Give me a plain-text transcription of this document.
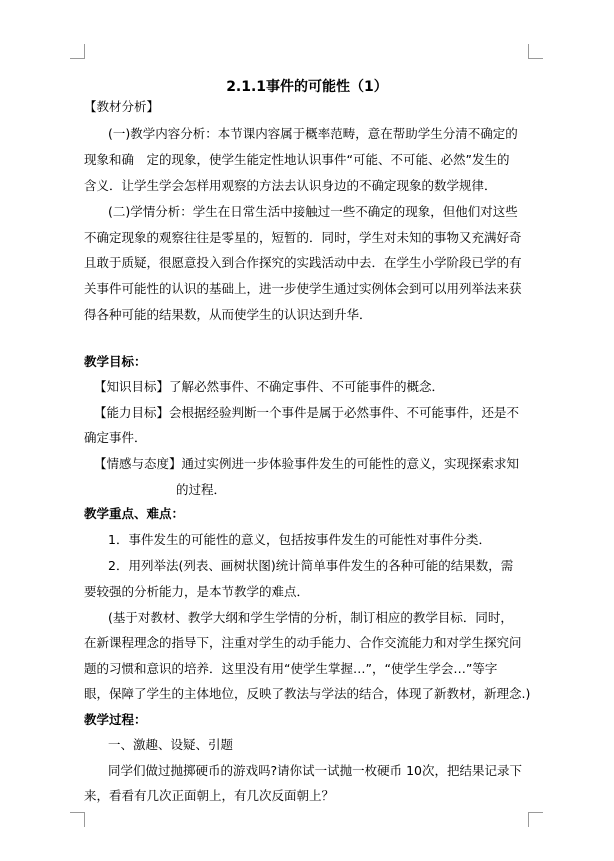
2.1.1事件的可能性（1）
【教材分析】
(一)教学内容分析：本节课内容属于概率范畴，意在帮助学生分清不确定的
现象和确　定的现象，使学生能定性地认识事件“可能、不可能、必然”发生的
含义．让学生学会怎样用观察的方法去认识身边的不确定现象的数学规律．
(二)学情分析：学生在日常生活中接触过一些不确定的现象，但他们对这些
不确定现象的观察往往是零星的，短暂的．同时，学生对未知的事物又充满好奇
且敢于质疑，很愿意投入到合作探究的实践活动中去．在学生小学阶段已学的有
关事件可能性的认识的基础上，进一步使学生通过实例体会到可以用列举法来获
得各种可能的结果数，从而使学生的认识达到升华．
教学目标：
【知识目标】了解必然事件、不确定事件、不可能事件的概念．
【能力目标】会根据经验判断一个事件是属于必然事件、不可能事件，还是不
确定事件．
【情感与态度】通过实例进一步体验事件发生的可能性的意义，实现探索求知
的过程．
教学重点、难点：
1．事件发生的可能性的意义，包括按事件发生的可能性对事件分类．
2．用列举法(列表、画树状图)统计简单事件发生的各种可能的结果数，需
要较强的分析能力，是本节教学的难点．
(基于对教材、教学大纲和学生学情的分析，制订相应的教学目标．同时，
在新课程理念的指导下，注重对学生的动手能力、合作交流能力和对学生探究问
题的习惯和意识的培养．这里没有用“使学生掌握…”，“使学生学会…”等字
眼，保障了学生的主体地位，反映了教法与学法的结合，体现了新教材，新理念.)
教学过程：
一、激趣、设疑、引题
同学们做过抛掷硬币的游戏吗?请你试一试抛一枚硬币 10次，把结果记录下
来，看看有几次正面朝上，有几次反面朝上？
